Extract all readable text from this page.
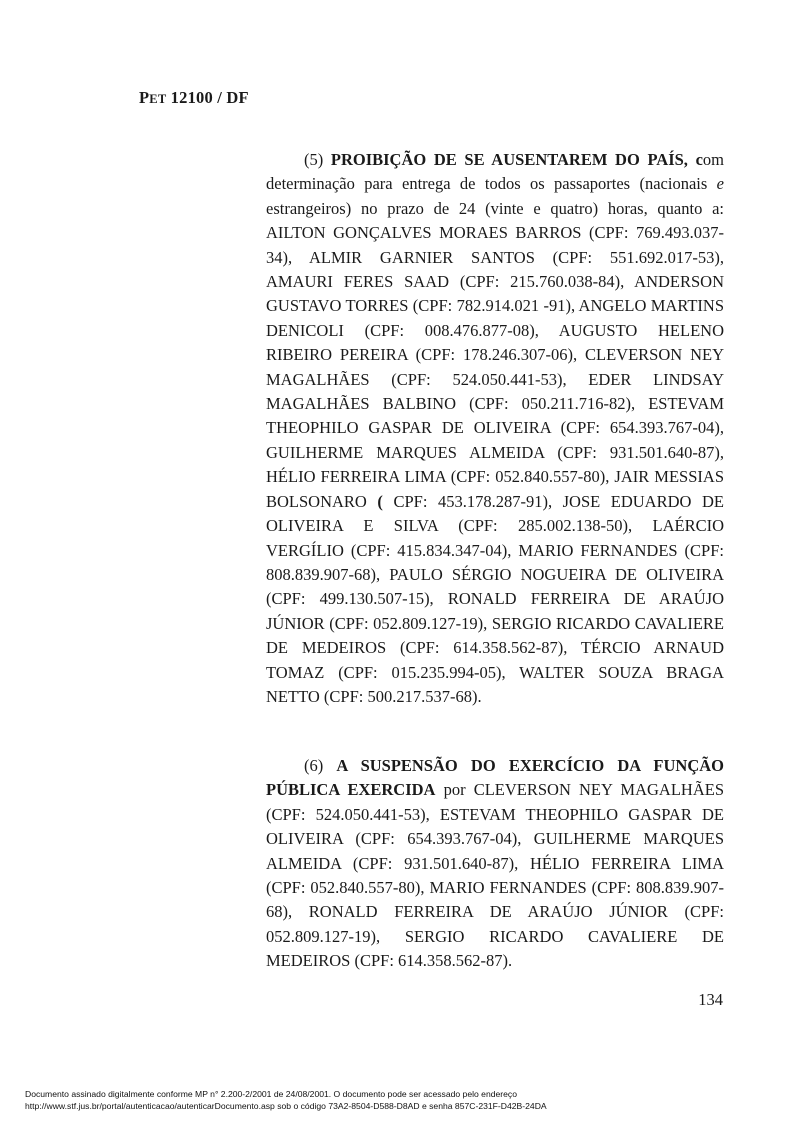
PET 12100 / DF

(5) PROIBIÇÃO DE SE AUSENTAREM DO PAÍS, com determinação para entrega de todos os passaportes (nacionais e estrangeiros) no prazo de 24 (vinte e quatro) horas, quanto a: AILTON GONÇALVES MORAES BARROS (CPF: 769.493.037-34), ALMIR GARNIER SANTOS (CPF: 551.692.017-53), AMAURI FERES SAAD (CPF: 215.760.038-84), ANDERSON GUSTAVO TORRES (CPF: 782.914.021 -91), ANGELO MARTINS DENICOLI (CPF: 008.476.877-08), AUGUSTO HELENO RIBEIRO PEREIRA (CPF: 178.246.307-06), CLEVERSON NEY MAGALHÃES (CPF: 524.050.441-53), EDER LINDSAY MAGALHÃES BALBINO (CPF: 050.211.716-82), ESTEVAM THEOPHILO GASPAR DE OLIVEIRA (CPF: 654.393.767-04), GUILHERME MARQUES ALMEIDA (CPF: 931.501.640-87), HÉLIO FERREIRA LIMA (CPF: 052.840.557-80), JAIR MESSIAS BOLSONARO ( CPF: 453.178.287-91), JOSE EDUARDO DE OLIVEIRA E SILVA (CPF: 285.002.138-50), LAÉRCIO VERGÍLIO (CPF: 415.834.347-04), MARIO FERNANDES (CPF: 808.839.907-68), PAULO SÉRGIO NOGUEIRA DE OLIVEIRA (CPF: 499.130.507-15), RONALD FERREIRA DE ARAÚJO JÚNIOR (CPF: 052.809.127-19), SERGIO RICARDO CAVALIERE DE MEDEIROS (CPF: 614.358.562-87), TÉRCIO ARNAUD TOMAZ (CPF: 015.235.994-05), WALTER SOUZA BRAGA NETTO (CPF: 500.217.537-68).

(6) A SUSPENSÃO DO EXERCÍCIO DA FUNÇÃO PÚBLICA EXERCIDA por CLEVERSON NEY MAGALHÃES (CPF: 524.050.441-53), ESTEVAM THEOPHILO GASPAR DE OLIVEIRA (CPF: 654.393.767-04), GUILHERME MARQUES ALMEIDA (CPF: 931.501.640-87), HÉLIO FERREIRA LIMA (CPF: 052.840.557-80), MARIO FERNANDES (CPF: 808.839.907-68), RONALD FERREIRA DE ARAÚJO JÚNIOR (CPF: 052.809.127-19), SERGIO RICARDO CAVALIERE DE MEDEIROS (CPF: 614.358.562-87).

134
Documento assinado digitalmente conforme MP n° 2.200-2/2001 de 24/08/2001. O documento pode ser acessado pelo endereço
http://www.stf.jus.br/portal/autenticacao/autenticarDocumento.asp sob o código 73A2-8504-D588-D8AD e senha 857C-231F-D42B-24DA
